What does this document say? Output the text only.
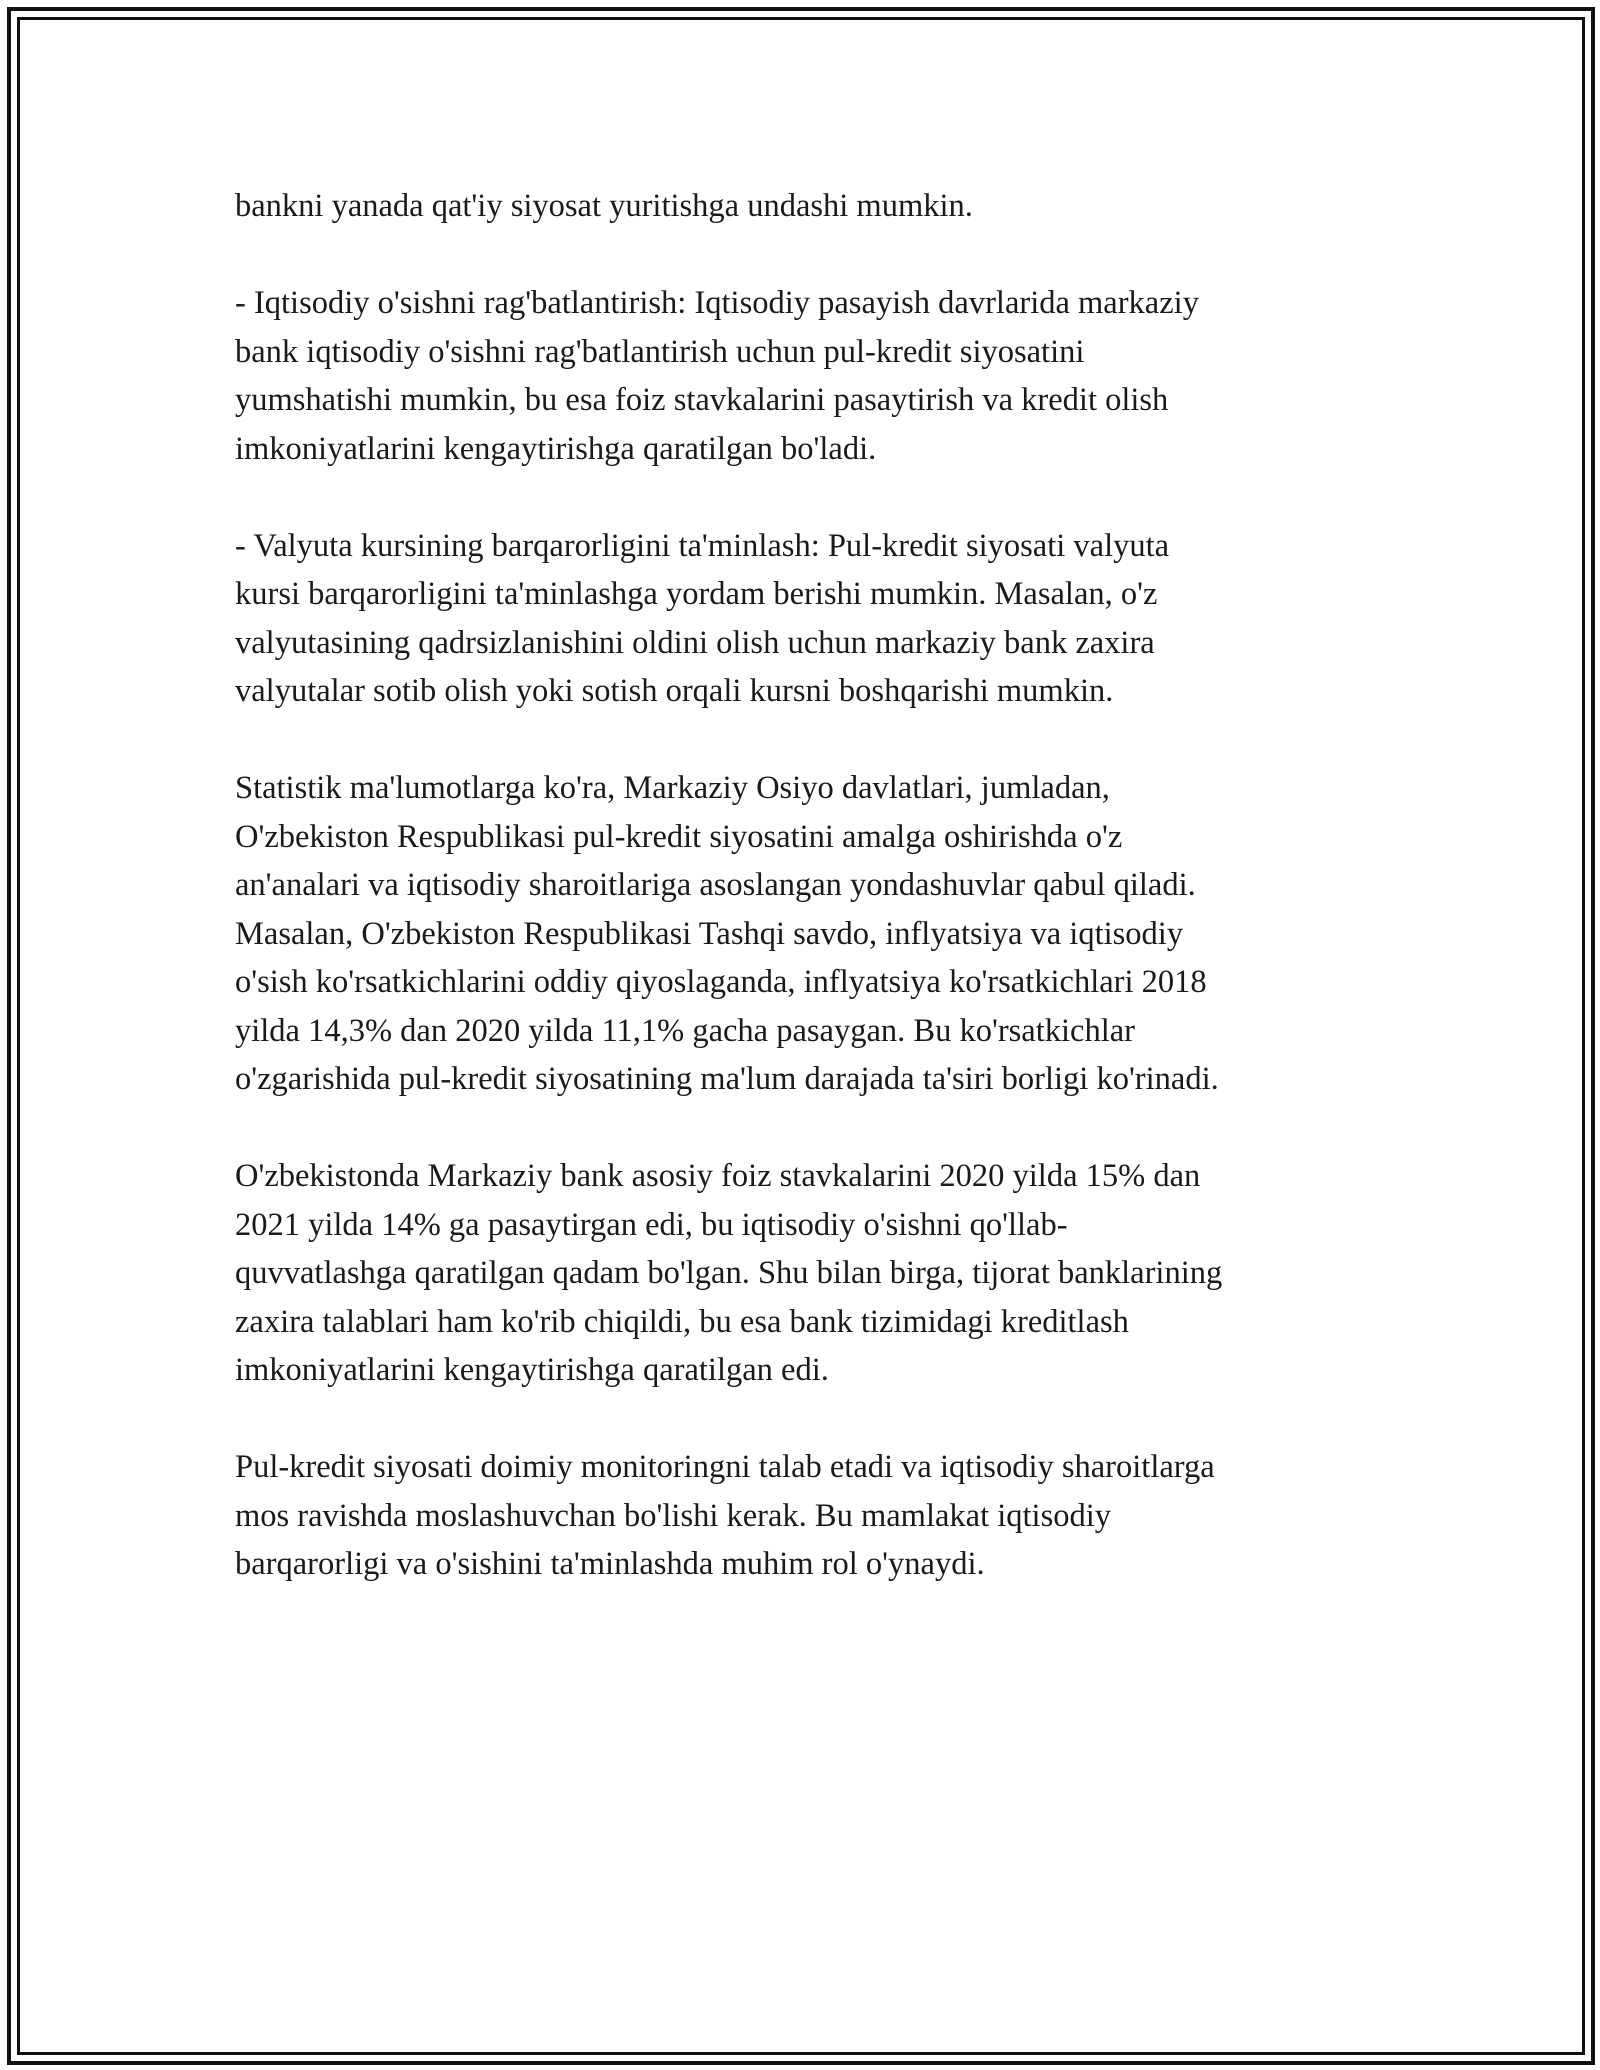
bankni yanada qat'iy siyosat yuritishga undashi mumkin.

- Iqtisodiy o'sishni rag'batlantirish: Iqtisodiy pasayish davrlarida markaziy
bank iqtisodiy o'sishni rag'batlantirish uchun pul-kredit siyosatini
yumshatishi mumkin, bu esa foiz stavkalarini pasaytirish va kredit olish
imkoniyatlarini kengaytirishga qaratilgan bo'ladi.

- Valyuta kursining barqarorligini ta'minlash: Pul-kredit siyosati valyuta
kursi barqarorligini ta'minlashga yordam berishi mumkin. Masalan, o'z
valyutasining qadrsizlanishini oldini olish uchun markaziy bank zaxira
valyutalar sotib olish yoki sotish orqali kursni boshqarishi mumkin.

Statistik ma'lumotlarga ko'ra, Markaziy Osiyo davlatlari, jumladan,
O'zbekiston Respublikasi pul-kredit siyosatini amalga oshirishda o'z
an'analari va iqtisodiy sharoitlariga asoslangan yondashuvlar qabul qiladi.
Masalan, O'zbekiston Respublikasi Tashqi savdo, inflyatsiya va iqtisodiy
o'sish ko'rsatkichlarini oddiy qiyoslaganda, inflyatsiya ko'rsatkichlari 2018
yilda 14,3% dan 2020 yilda 11,1% gacha pasaygan. Bu ko'rsatkichlar
o'zgarishida pul-kredit siyosatining ma'lum darajada ta'siri borligi ko'rinadi.

O'zbekistonda Markaziy bank asosiy foiz stavkalarini 2020 yilda 15% dan
2021 yilda 14% ga pasaytirgan edi, bu iqtisodiy o'sishni qo'llab-
quvvatlashga qaratilgan qadam bo'lgan. Shu bilan birga, tijorat banklarining
zaxira talablari ham ko'rib chiqildi, bu esa bank tizimidagi kreditlash
imkoniyatlarini kengaytirishga qaratilgan edi.

Pul-kredit siyosati doimiy monitoringni talab etadi va iqtisodiy sharoitlarga
mos ravishda moslashuvchan bo'lishi kerak. Bu mamlakat iqtisodiy
barqarorligi va o'sishini ta'minlashda muhim rol o'ynaydi.
